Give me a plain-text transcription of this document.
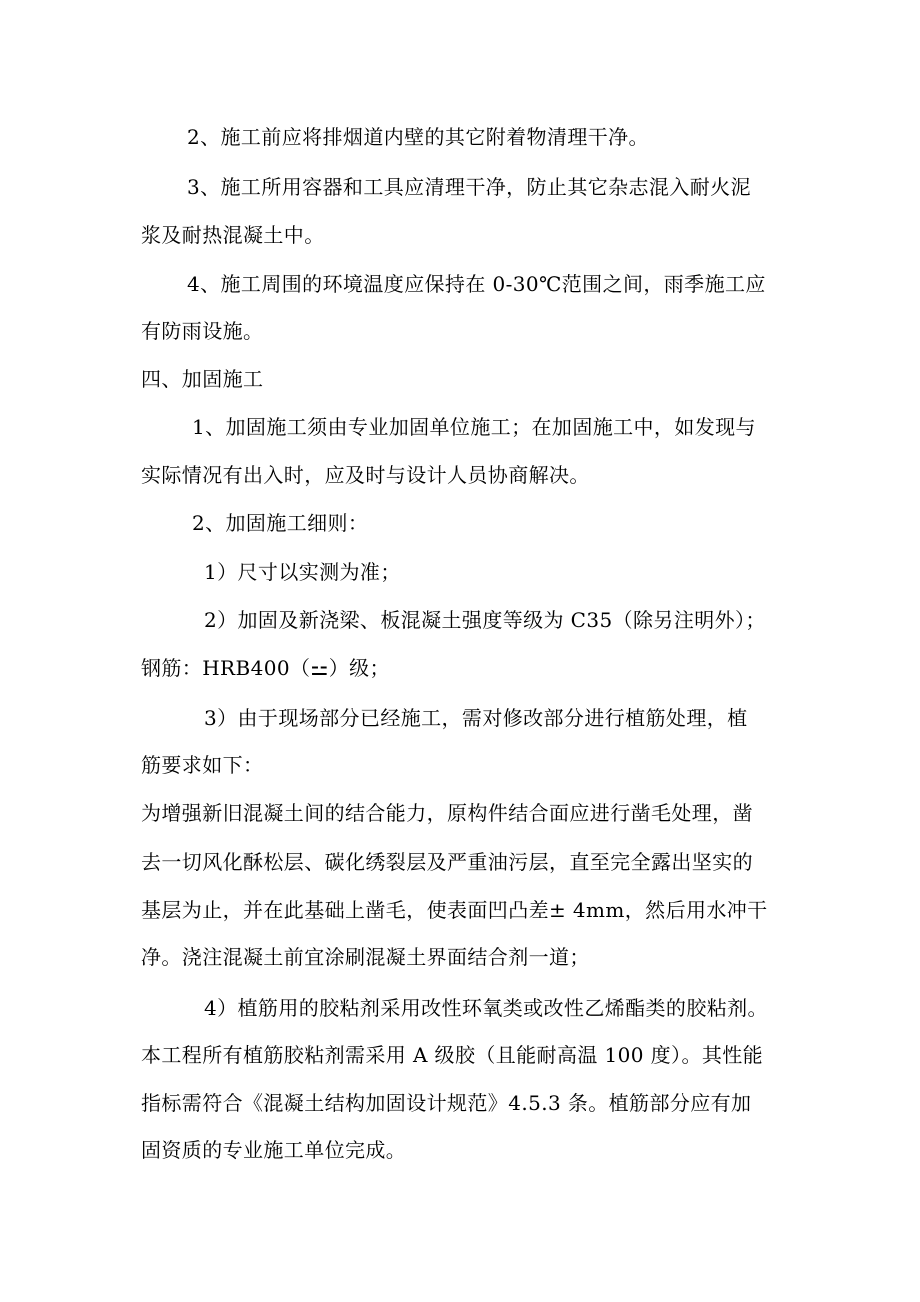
2、施工前应将排烟道内壁的其它附着物清理干净。
3、施工所用容器和工具应清理干净，防止其它杂志混入耐火泥
浆及耐热混凝土中。
4、施工周围的环境温度应保持在 0-30℃范围之间，雨季施工应
有防雨设施。
四、加固施工
1、加固施工须由专业加固单位施工；在加固施工中，如发现与
实际情况有出入时，应及时与设计人员协商解决。
2、加固施工细则：
1）尺寸以实测为准；
2）加固及新浇梁、板混凝土强度等级为 C35（除另注明外）；
钢筋：HRB400（⚍）级；
3）由于现场部分已经施工，需对修改部分进行植筋处理，植
筋要求如下：
为增强新旧混凝土间的结合能力，原构件结合面应进行凿毛处理，凿
去一切风化酥松层、碳化绣裂层及严重油污层，直至完全露出坚实的
基层为止，并在此基础上凿毛，使表面凹凸差± 4mm，然后用水冲干
净。浇注混凝土前宜涂刷混凝土界面结合剂一道；
4）植筋用的胶粘剂采用改性环氧类或改性乙烯酯类的胶粘剂。
本工程所有植筋胶粘剂需采用 A 级胶（且能耐高温 100 度）。其性能
指标需符合《混凝土结构加固设计规范》4.5.3 条。植筋部分应有加
固资质的专业施工单位完成。
